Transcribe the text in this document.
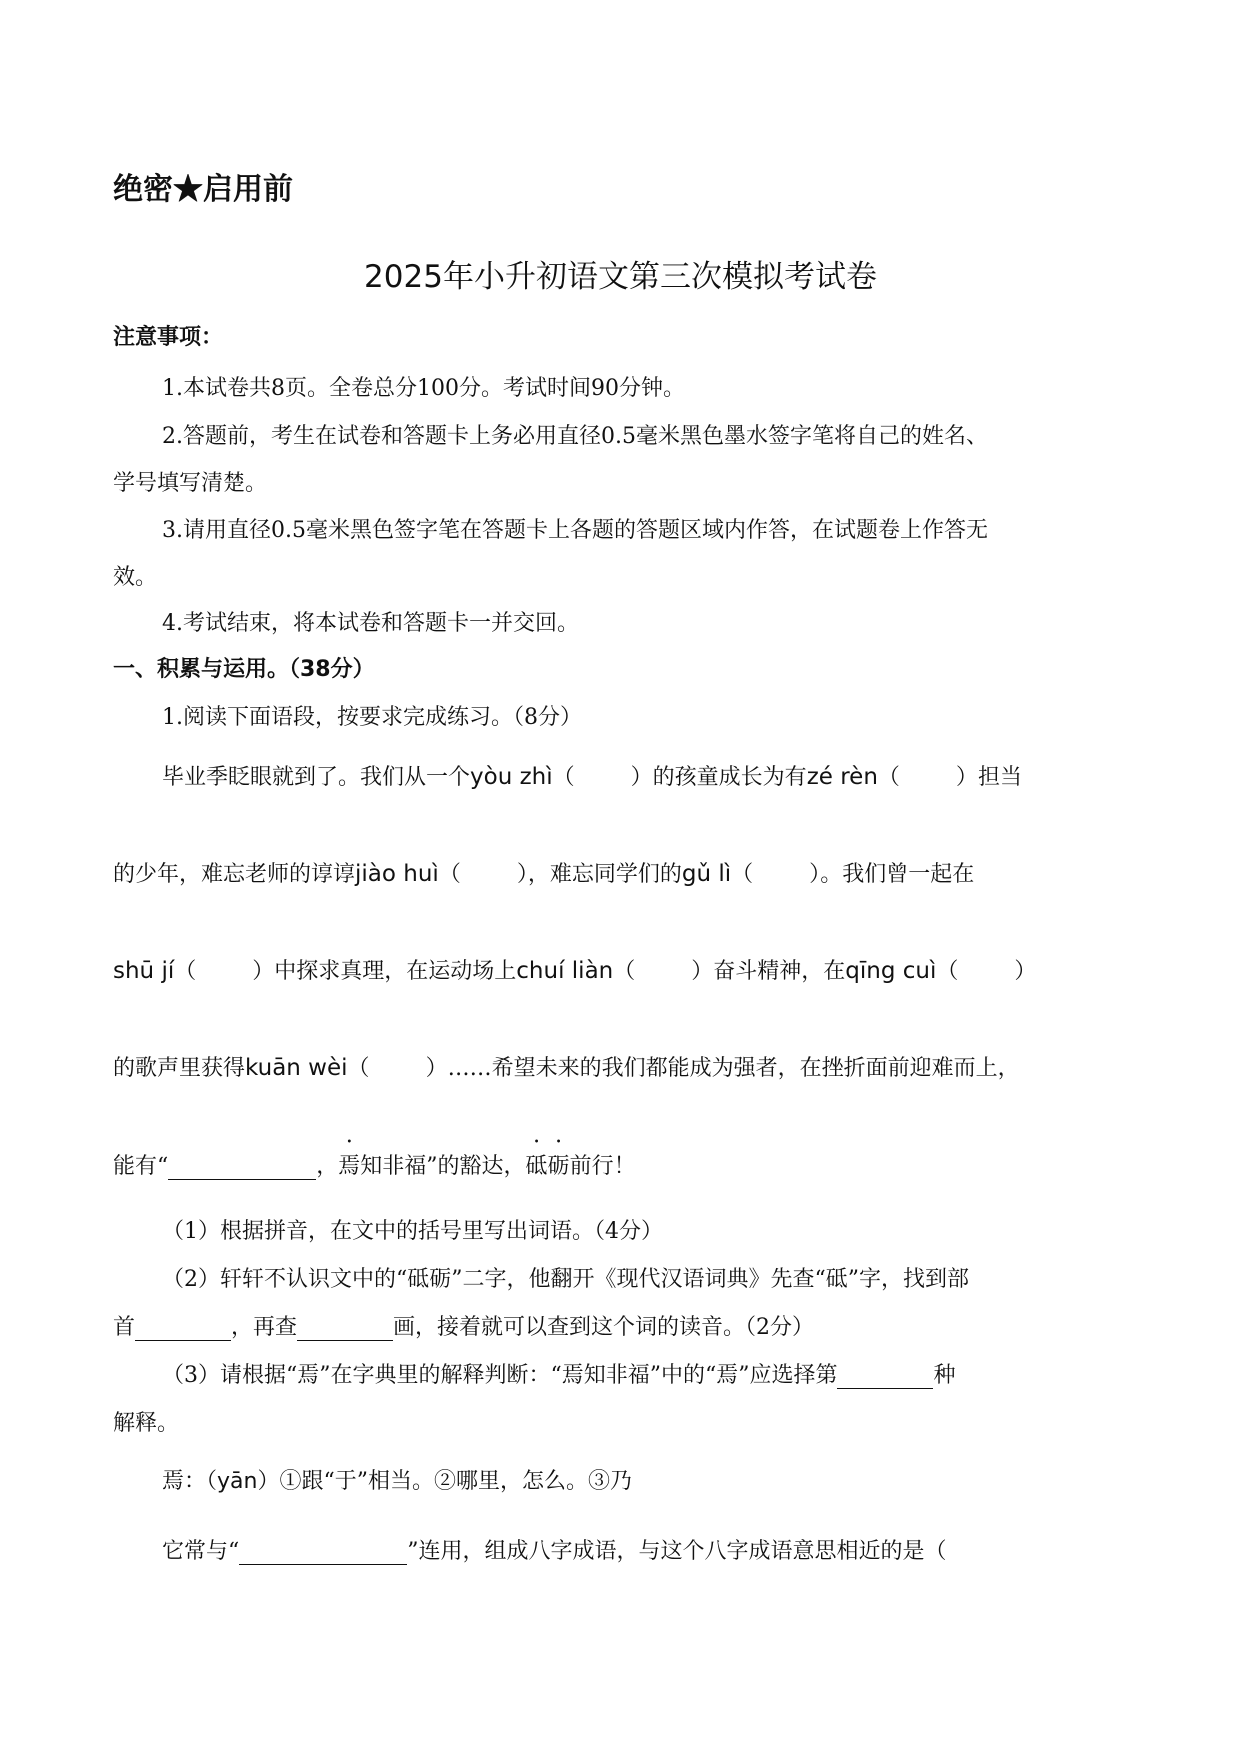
绝密★启用前
2025年小升初语文第三次模拟考试卷
注意事项：
1.本试卷共8页。全卷总分100分。考试时间90分钟。
2.答题前，考生在试卷和答题卡上务必用直径0.5毫米黑色墨水签字笔将自己的姓名、
学号填写清楚。
3.请用直径0.5毫米黑色签字笔在答题卡上各题的答题区域内作答，在试题卷上作答无
效。
4.考试结束，将本试卷和答题卡一并交回。
一、积累与运用。（38分）
1.阅读下面语段，按要求完成练习。（8分）
毕业季眨眼就到了。我们从一个yòu zhì（	）的孩童成长为有zé rèn（	）担当
的少年，难忘老师的谆谆jiào huì（	），难忘同学们的gǔ lì（	）。我们曾一起在
shū jí（	）中探求真理，在运动场上chuí liàn（	）奋斗精神，在qīng cuì（	）
的歌声里获得kuān wèi（	）……希望未来的我们都能成为强者，在挫折面前迎难而上，
能有“	，焉知非福”的豁达，砥砺前行！
（1）根据拼音，在文中的括号里写出词语。（4分）
（2）轩轩不认识文中的“砥砺”二字，他翻开《现代汉语词典》先查“砥”字，找到部
首	，再查	画，接着就可以查到这个词的读音。（2分）
（3）请根据“焉”在字典里的解释判断：“焉知非福”中的“焉”应选择第	种
解释。
焉：（yān）①跟“于”相当。②哪里，怎么。③乃
它常与“	”连用，组成八字成语，与这个八字成语意思相近的是（
